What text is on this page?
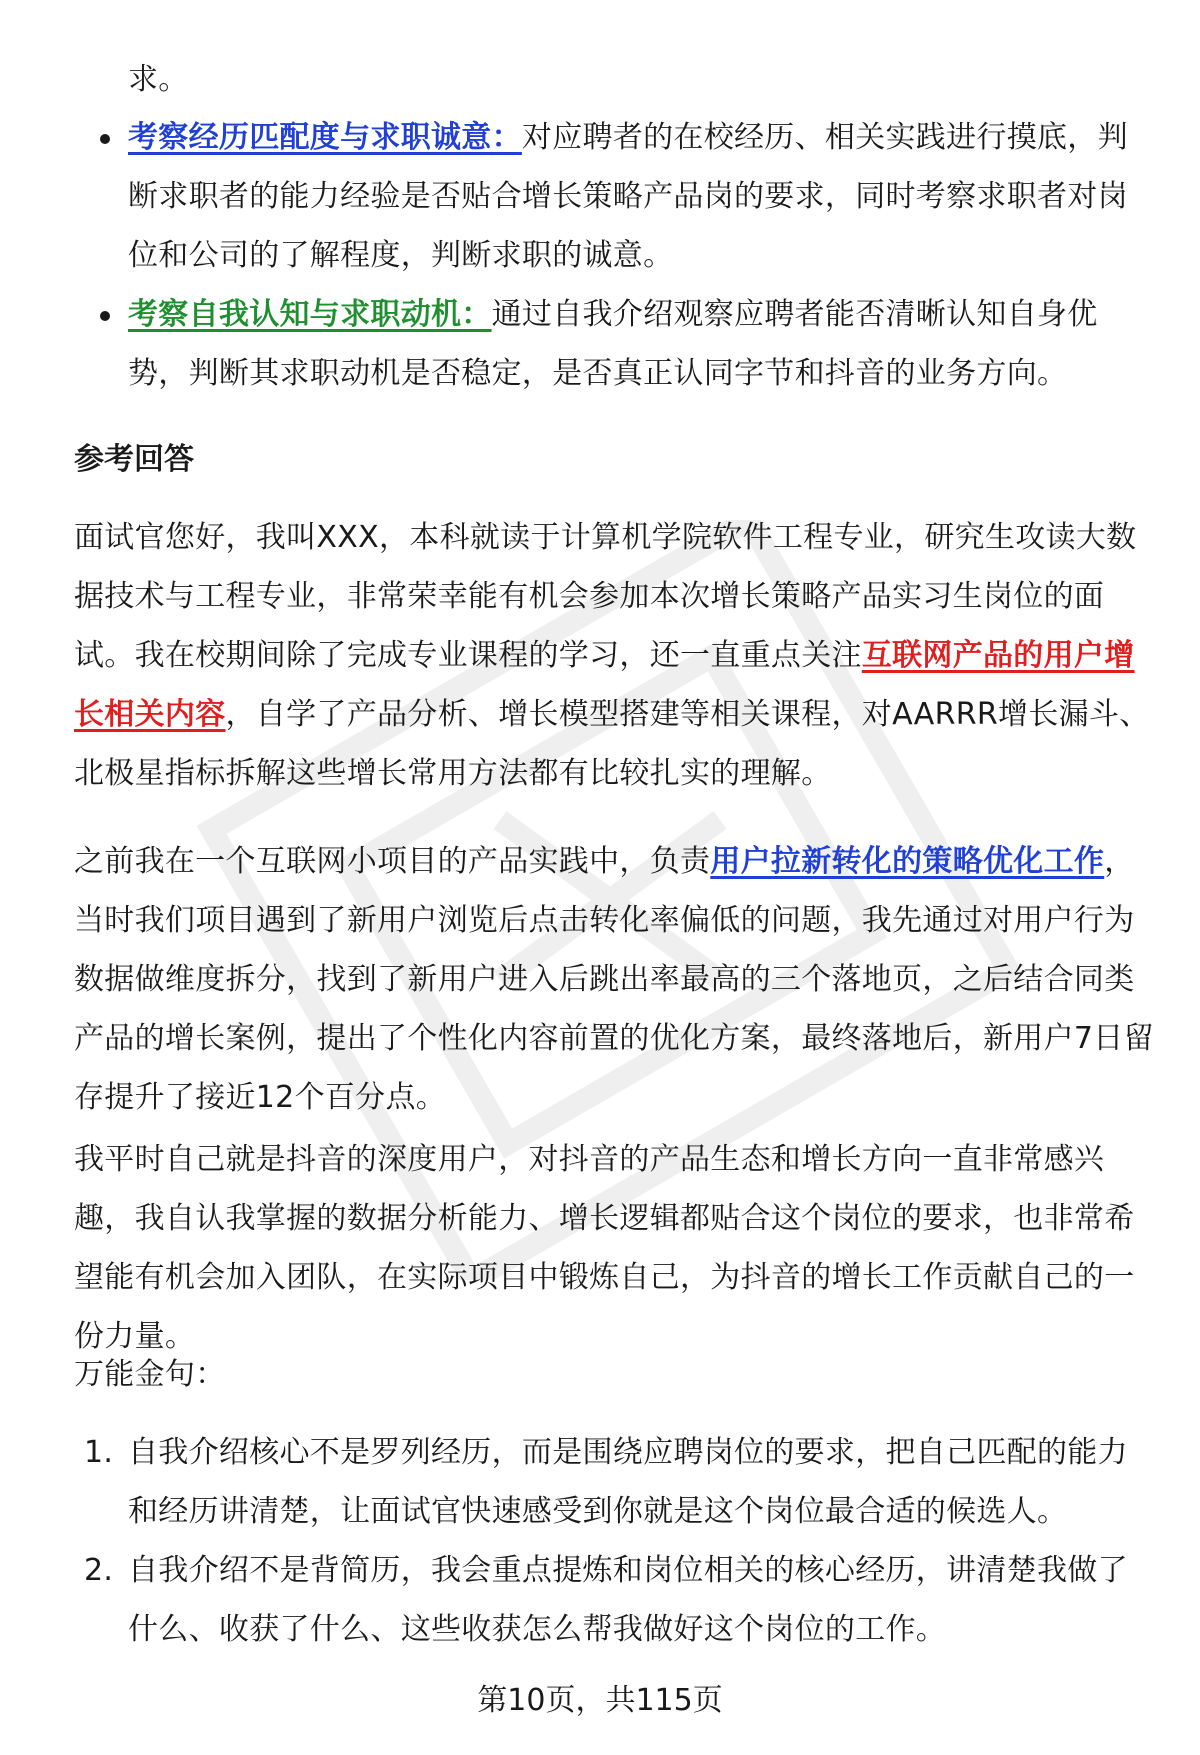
求。
考察经历匹配度与求职诚意：对应聘者的在校经历、相关实践进行摸底，判断求职者的能力经验是否贴合增长策略产品岗的要求，同时考察求职者对岗位和公司的了解程度，判断求职的诚意。
考察自我认知与求职动机：通过自我介绍观察应聘者能否清晰认知自身优势，判断其求职动机是否稳定，是否真正认同字节和抖音的业务方向。
参考回答
面试官您好，我叫XXX，本科就读于计算机学院软件工程专业，研究生攻读大数据技术与工程专业，非常荣幸能有机会参加本次增长策略产品实习生岗位的面试。我在校期间除了完成专业课程的学习，还一直重点关注互联网产品的用户增长相关内容，自学了产品分析、增长模型搭建等相关课程，对AARRR增长漏斗、北极星指标拆解这些增长常用方法都有比较扎实的理解。
之前我在一个互联网小项目的产品实践中，负责用户拉新转化的策略优化工作，当时我们项目遇到了新用户浏览后点击转化率偏低的问题，我先通过对用户行为数据做维度拆分，找到了新用户进入后跳出率最高的三个落地页，之后结合同类产品的增长案例，提出了个性化内容前置的优化方案，最终落地后，新用户7日留存提升了接近12个百分点。
我平时自己就是抖音的深度用户，对抖音的产品生态和增长方向一直非常感兴趣，我自认我掌握的数据分析能力、增长逻辑都贴合这个岗位的要求，也非常希望能有机会加入团队，在实际项目中锻炼自己，为抖音的增长工作贡献自己的一份力量。
万能金句：
1. 自我介绍核心不是罗列经历，而是围绕应聘岗位的要求，把自己匹配的能力和经历讲清楚，让面试官快速感受到你就是这个岗位最合适的候选人。
2. 自我介绍不是背简历，我会重点提炼和岗位相关的核心经历，讲清楚我做了什么、收获了什么、这些收获怎么帮我做好这个岗位的工作。
第10页，共115页
